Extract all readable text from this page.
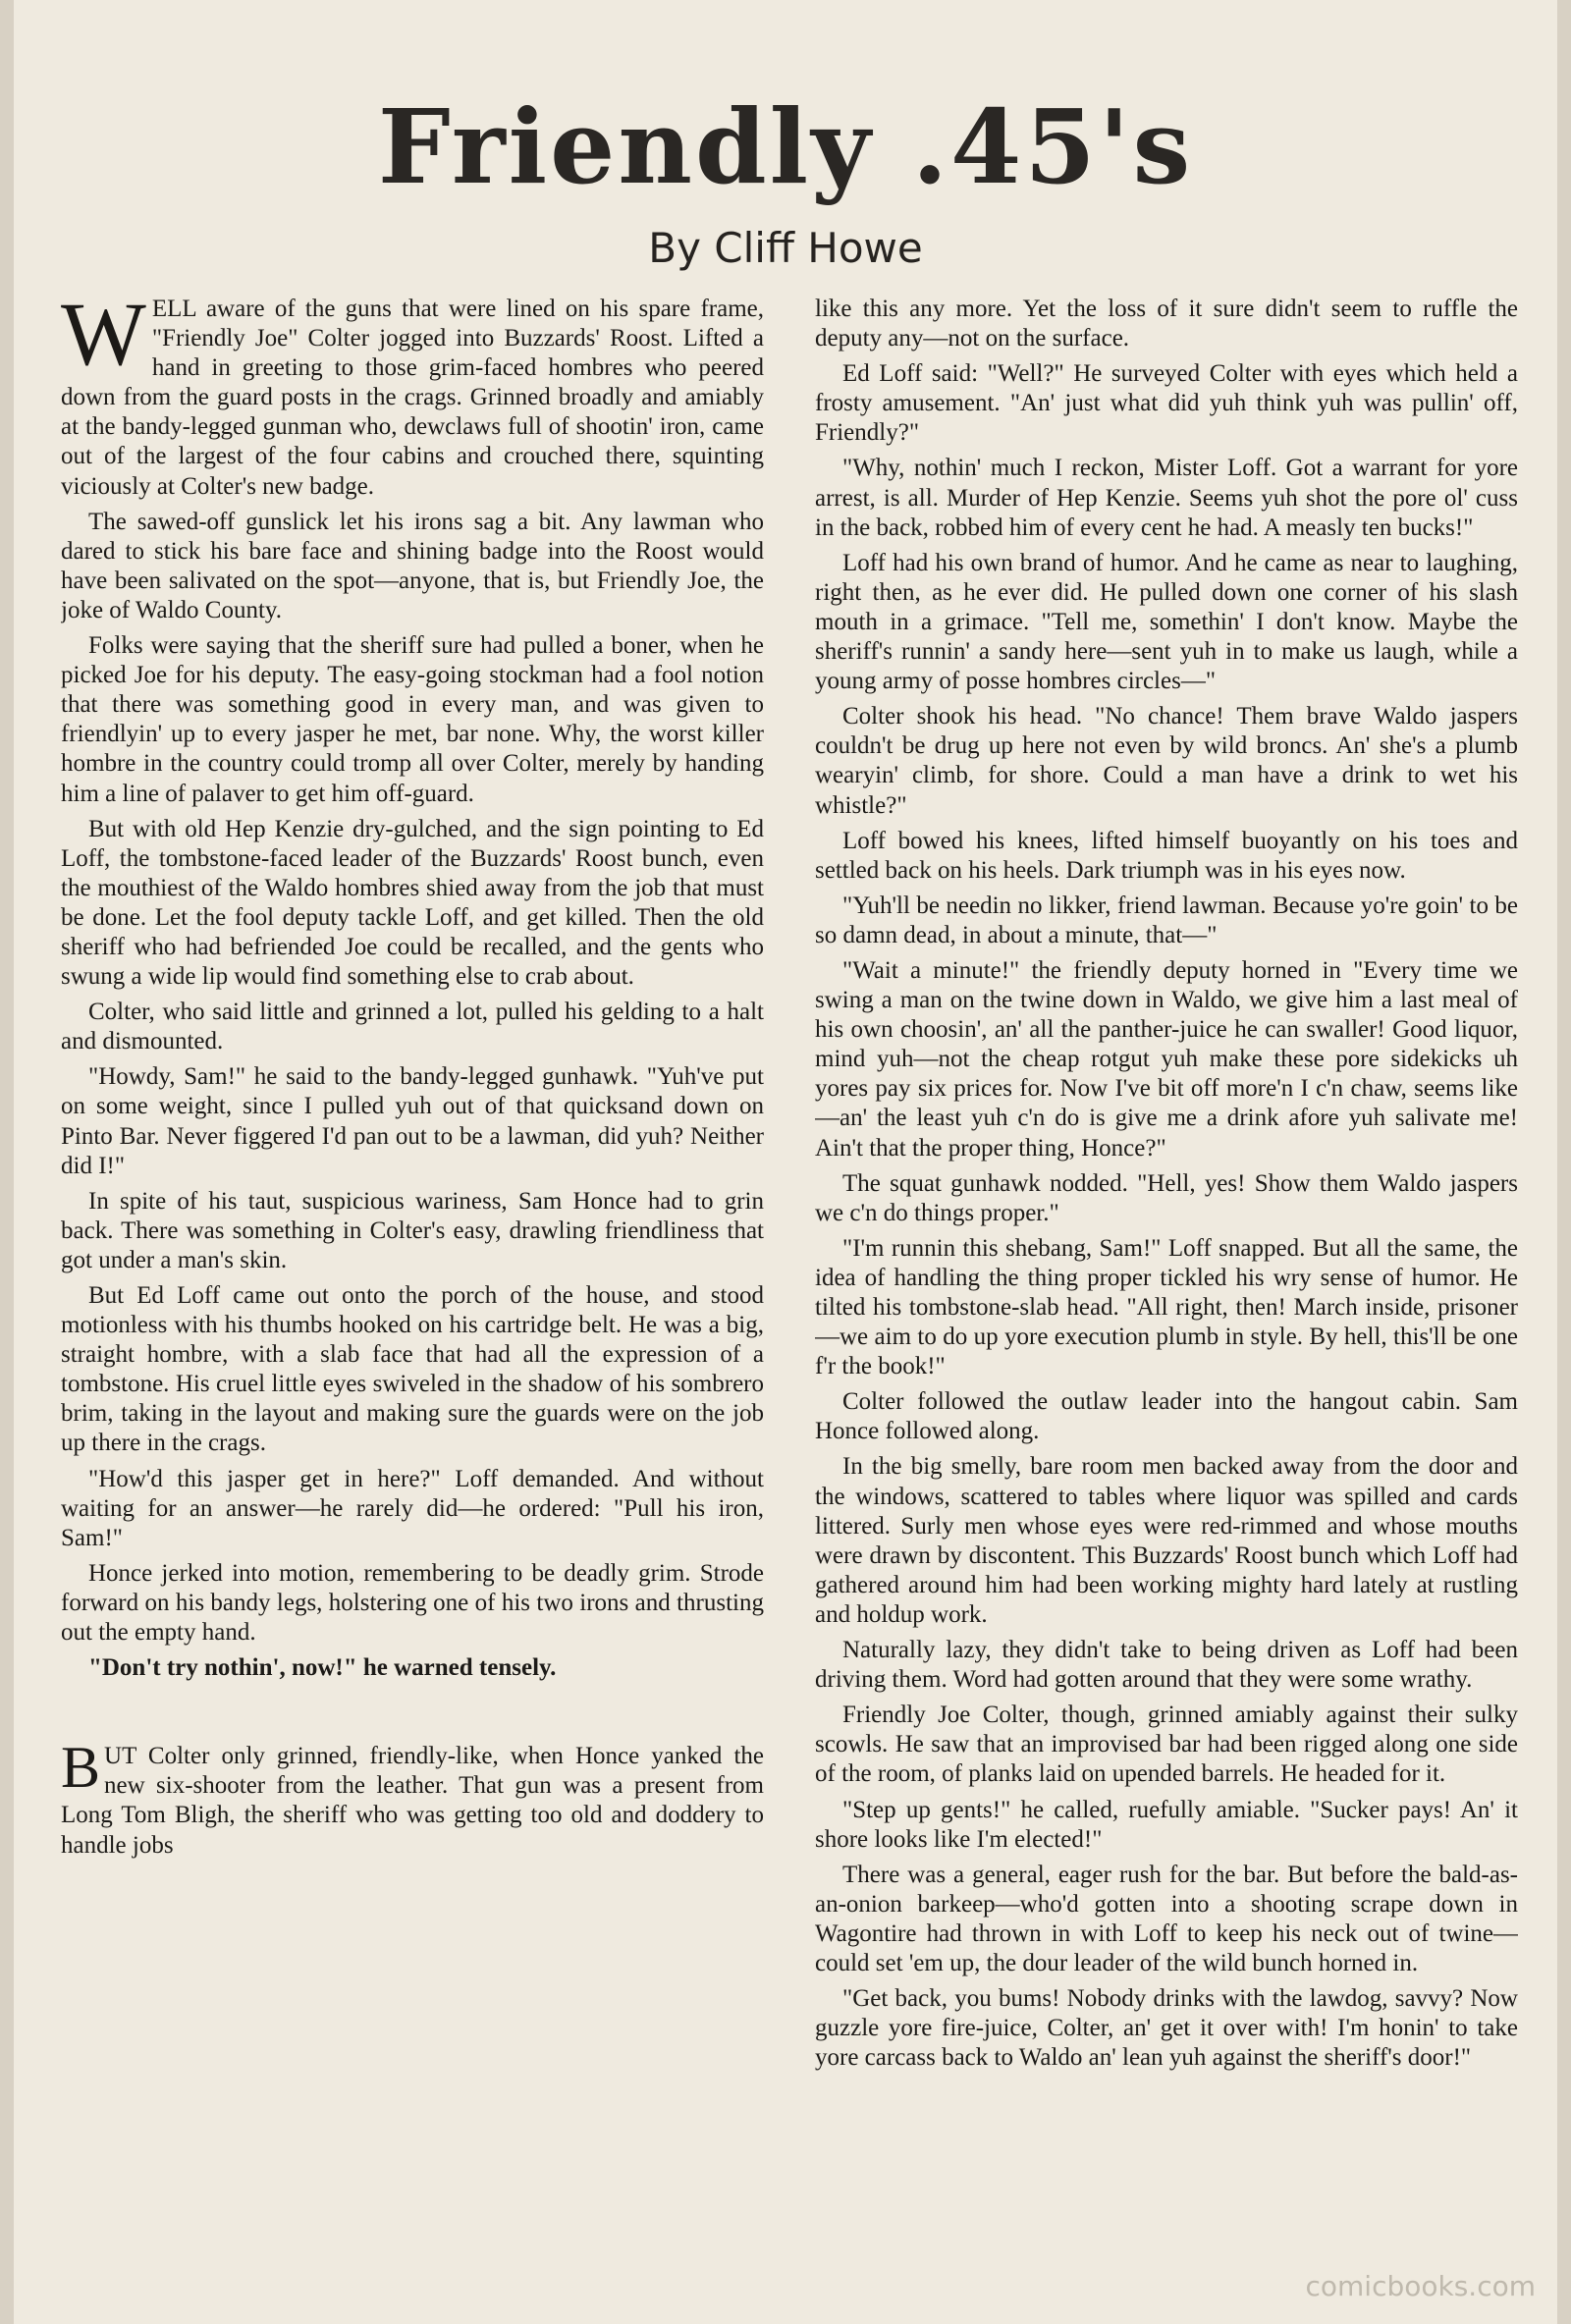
Friendly .45's
By Cliff Howe

WELL aware of the guns that were lined on his spare frame, "Friendly Joe" Colter jogged into Buzzards' Roost. Lifted a hand in greeting to those grim-faced hombres who peered down from the guard posts in the crags. Grinned broadly and amiably at the bandy-legged gunman who, dewclaws full of shootin' iron, came out of the largest of the four cabins and crouched there, squinting viciously at Colter's new badge.

The sawed-off gunslick let his irons sag a bit. Any lawman who dared to stick his bare face and shining badge into the Roost would have been salivated on the spot—anyone, that is, but Friendly Joe, the joke of Waldo County.

Folks were saying that the sheriff sure had pulled a boner, when he picked Joe for his deputy. The easy-going stockman had a fool notion that there was something good in every man, and was given to friendlyin' up to every jasper he met, bar none. Why, the worst killer hombre in the country could tromp all over Colter, merely by handing him a line of palaver to get him off-guard.

But with old Hep Kenzie dry-gulched, and the sign pointing to Ed Loff, the tombstone-faced leader of the Buzzards' Roost bunch, even the mouthiest of the Waldo hombres shied away from the job that must be done. Let the fool deputy tackle Loff, and get killed. Then the old sheriff who had befriended Joe could be recalled, and the gents who swung a wide lip would find something else to crab about.

Colter, who said little and grinned a lot, pulled his gelding to a halt and dismounted.

"Howdy, Sam!" he said to the bandy-legged gunhawk. "Yuh've put on some weight, since I pulled yuh out of that quicksand down on Pinto Bar. Never figgered I'd pan out to be a lawman, did yuh? Neither did I!"

In spite of his taut, suspicious wariness, Sam Honce had to grin back. There was something in Colter's easy, drawling friendliness that got under a man's skin.

But Ed Loff came out onto the porch of the house, and stood motionless with his thumbs hooked on his cartridge belt. He was a big, straight hombre, with a slab face that had all the expression of a tombstone. His cruel little eyes swiveled in the shadow of his sombrero brim, taking in the layout and making sure the guards were on the job up there in the crags.

"How'd this jasper get in here?" Loff demanded. And without waiting for an answer—he rarely did—he ordered: "Pull his iron, Sam!"

Honce jerked into motion, remembering to be deadly grim. Strode forward on his bandy legs, holstering one of his two irons and thrusting out the empty hand.

"Don't try nothin', now!" he warned tensely.

BUT Colter only grinned, friendly-like, when Honce yanked the new six-shooter from the leather. That gun was a present from Long Tom Bligh, the sheriff who was getting too old and doddery to handle jobs

like this any more. Yet the loss of it sure didn't seem to ruffle the deputy any—not on the surface.

Ed Loff said: "Well?" He surveyed Colter with eyes which held a frosty amusement. "An' just what did yuh think yuh was pullin' off, Friendly?"

"Why, nothin' much I reckon, Mister Loff. Got a warrant for yore arrest, is all. Murder of Hep Kenzie. Seems yuh shot the pore ol' cuss in the back, robbed him of every cent he had. A measly ten bucks!"

Loff had his own brand of humor. And he came as near to laughing, right then, as he ever did. He pulled down one corner of his slash mouth in a grimace. "Tell me, somethin' I don't know. Maybe the sheriff's runnin' a sandy here—sent yuh in to make us laugh, while a young army of posse hombres circles—"

Colter shook his head. "No chance! Them brave Waldo jaspers couldn't be drug up here not even by wild broncs. An' she's a plumb wearyin' climb, for shore. Could a man have a drink to wet his whistle?"

Loff bowed his knees, lifted himself buoyantly on his toes and settled back on his heels. Dark triumph was in his eyes now.

"Yuh'll be needin no likker, friend lawman. Because yo're goin' to be so damn dead, in about a minute, that—"

"Wait a minute!" the friendly deputy horned in "Every time we swing a man on the twine down in Waldo, we give him a last meal of his own choosin', an' all the panther-juice he can swaller! Good liquor, mind yuh—not the cheap rotgut yuh make these pore sidekicks uh yores pay six prices for. Now I've bit off more'n I c'n chaw, seems like—an' the least yuh c'n do is give me a drink afore yuh salivate me! Ain't that the proper thing, Honce?"

The squat gunhawk nodded. "Hell, yes! Show them Waldo jaspers we c'n do things proper."

"I'm runnin this shebang, Sam!" Loff snapped. But all the same, the idea of handling the thing proper tickled his wry sense of humor. He tilted his tombstone-slab head. "All right, then! March inside, prisoner—we aim to do up yore execution plumb in style. By hell, this'll be one f'r the book!"

Colter followed the outlaw leader into the hangout cabin. Sam Honce followed along.

In the big smelly, bare room men backed away from the door and the windows, scattered to tables where liquor was spilled and cards littered. Surly men whose eyes were red-rimmed and whose mouths were drawn by discontent. This Buzzards' Roost bunch which Loff had gathered around him had been working mighty hard lately at rustling and holdup work.

Naturally lazy, they didn't take to being driven as Loff had been driving them. Word had gotten around that they were some wrathy.

Friendly Joe Colter, though, grinned amiably against their sulky scowls. He saw that an improvised bar had been rigged along one side of the room, of planks laid on upended barrels. He headed for it.

"Step up gents!" he called, ruefully amiable. "Sucker pays! An' it shore looks like I'm elected!"

There was a general, eager rush for the bar. But before the bald-as-an-onion barkeep—who'd gotten into a shooting scrape down in Wagontire had thrown in with Loff to keep his neck out of twine—could set 'em up, the dour leader of the wild bunch horned in.

"Get back, you bums! Nobody drinks with the lawdog, savvy? Now guzzle yore fire-juice, Colter, an' get it over with! I'm honin' to take yore carcass back to Waldo an' lean yuh against the sheriff's door!"

comicbooks.com
